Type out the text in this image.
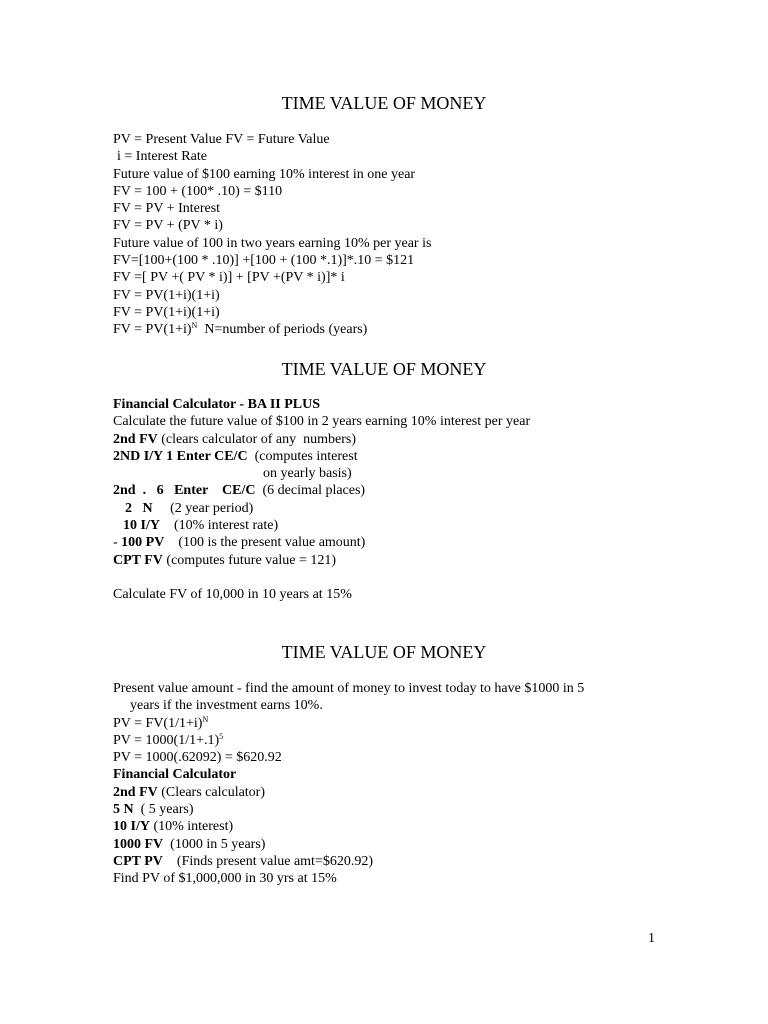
TIME VALUE OF MONEY
PV = Present Value FV = Future Value
i = Interest Rate
Future value of $100 earning 10% interest in one year
FV = 100 + (100* .10) = $110
FV = PV + Interest
FV = PV + (PV * i)
Future value of 100 in two years earning 10% per year is
FV=[100+(100 * .10)] +[100 + (100 *.1)]*.10 = $121
FV =[ PV +( PV * i)] + [PV +(PV * i)]* i
FV = PV(1+i)(1+i)
FV = PV(1+i)(1+i)
FV = $PV(1+i)^N$  N=number of periods (years)
TIME VALUE OF MONEY
Financial Calculator - BA II PLUS
Calculate the future value of $100 in 2 years earning 10% interest per year
2nd FV (clears calculator of any  numbers)
2ND I/Y 1 Enter CE/C  (computes interest
on yearly basis)
2nd  .   6   Enter    CE/C  (6 decimal places)
2   N     (2 year period)
10 I/Y    (10% interest rate)
- 100 PV    (100 is the present value amount)
CPT FV (computes future value = 121)
Calculate FV of 10,000 in 10 years at 15%
TIME VALUE OF MONEY
Present value amount - find the amount of money to invest today to have $1000 in 5
years if the investment earns 10%.
PV = $FV(1/1+i)^N$
PV = $1000(1/1+.1)^5$
PV = 1000(.62092) = $620.92
Financial Calculator
2nd FV (Clears calculator)
5 N  ( 5 years)
10 I/Y (10% interest)
1000 FV  (1000 in 5 years)
CPT PV    (Finds present value amt=$620.92)
Find PV of $1,000,000 in 30 yrs at 15%
1
